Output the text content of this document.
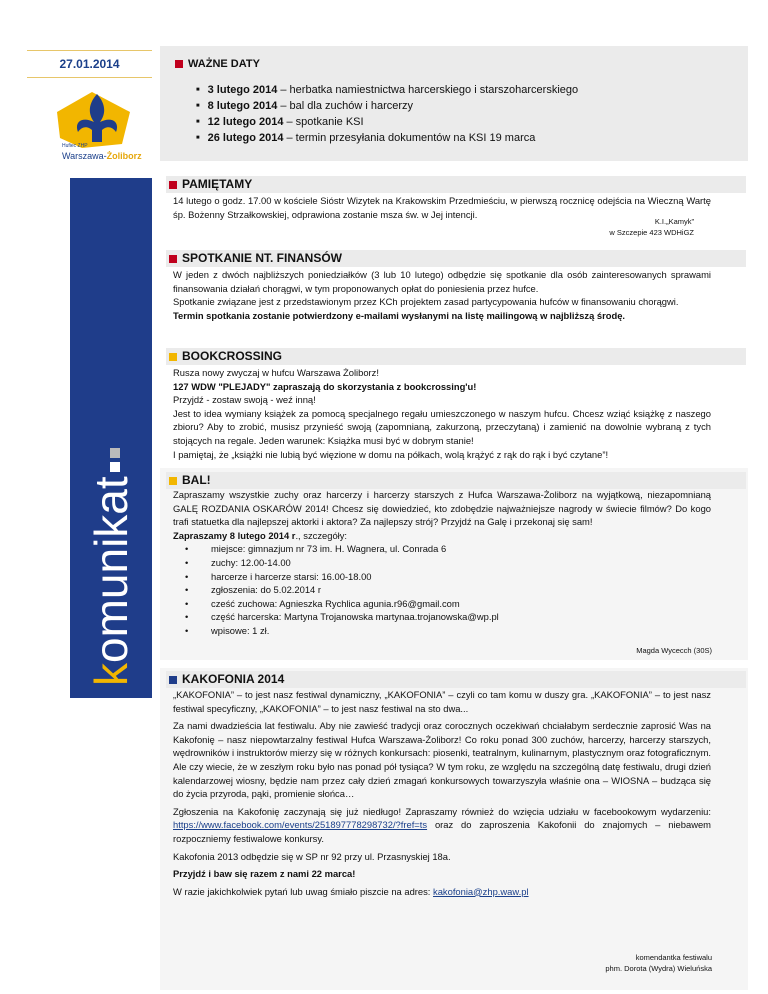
27.01.2014
Hufiec ZHP
Warszawa-Żoliborz
komunikat
WAŻNE DATY
■ 3 lutego 2014 – herbatka namiestnictwa harcerskiego i starszoharcerskiego
■ 8 lutego 2014 – bal dla zuchów i harcerzy
■ 12 lutego 2014 – spotkanie KSI
■ 26 lutego 2014 – termin przesyłania dokumentów na KSI 19 marca
PAMIĘTAMY

14 lutego o godz. 17.00 w kościele Sióstr Wizytek na Krakowskim Przedmieściu, w pierwszą rocznicę odejścia na Wieczną Wartę śp. Bożenny Strzałkowskiej, odprawiona zostanie msza św. w Jej intencji.

K.I.„Kamyk”
w Szczepie 423 WDHiGZ
SPOTKANIE NT. FINANSÓW

W jeden z dwóch najbliższych poniedziałków (3 lub 10 lutego) odbędzie się spotkanie dla osób zainteresowanych sprawami finansowania działań chorągwi, w tym proponowanych opłat do poniesienia przez hufce.

Spotkanie związane jest z przedstawionym przez KCh projektem zasad partycypowania hufców w finansowaniu chorągwi.

Termin spotkania zostanie potwierdzony e-mailami wysłanymi na listę mailingową w najbliższą środę.

BOOKCROSSING

Rusza nowy zwyczaj w hufcu Warszawa Żoliborz!

127 WDW "PLEJADY" zapraszają do skorzystania z bookcrossing'u!

Przyjdź - zostaw swoją - weź inną!

Jest to idea wymiany książek za pomocą specjalnego regału umieszczonego w naszym hufcu. Chcesz wziąć książkę z naszego zbioru? Aby to zrobić, musisz przynieść swoją (zapomnianą, zakurzoną, przeczytaną) i zamienić na dowolnie wybraną z tych stojących na regale. Jeden warunek: Książka musi być w dobrym stanie!

I pamiętaj, że „książki nie lubią być więzione w domu na półkach, wolą krążyć z rąk do rąk i być czytane”!

BAL!

Zapraszamy wszystkie zuchy oraz harcerzy i harcerzy starszych z Hufca Warszawa-Żoliborz na wyjątkową, niezapomnianą GALĘ ROZDANIA OSKARÓW 2014! Chcesz się dowiedzieć, kto zdobędzie najważniejsze nagrody w świecie filmów? Do kogo trafi statuetka dla najlepszej aktorki i aktora? Za najlepszy strój? Przyjdź na Galę i przekonaj się sam!

Zapraszamy 8 lutego 2014 r., szczegóły:

• miejsce: gimnazjum nr 73 im. H. Wagnera, ul. Conrada 6
• zuchy: 12.00-14.00
• harcerze i harcerze starsi: 16.00-18.00
• zgłoszenia: do 5.02.2014 r
• cześć zuchowa: Agnieszka Rychlica agunia.r96@gmail.com
• część harcerska: Martyna Trojanowska martynaa.trojanowska@wp.pl
• wpisowe: 1 zł.
Magda Wycecch (30S)
KAKOFONIA 2014

„KAKOFONIA” – to jest nasz festiwal dynamiczny, „KAKOFONIA” – czyli co tam komu w duszy gra. „KAKOFONIA” – to jest nasz festiwal specyficzny, „KAKOFONIA” – to jest nasz festiwal na sto dwa...

Za nami dwadzieścia lat festiwalu. Aby nie zawieść tradycji oraz corocznych oczekiwań chciałabym serdecznie zaprosić Was na Kakofonię – nasz niepowtarzalny festiwal Hufca Warszawa-Żoliborz! Co roku ponad 300 zuchów, harcerzy, harcerzy starszych, wędrowników i instruktorów mierzy się w różnych konkursach: piosenki, teatralnym, kulinarnym, plastycznym oraz fotograficznym. Ale czy wiecie, że w zeszłym roku było nas ponad pół tysiąca? W tym roku, ze względu na szczególną datę festiwalu, drugi dzień kalendarzowej wiosny, będzie nam przez cały dzień zmagań konkursowych towarzyszyła właśnie ona – WIOSNA – budząca się do życia przyroda, pąki, promienie słońca…

Zgłoszenia na Kakofonię zaczynają się już niedługo! Zapraszamy również do wzięcia udziału w facebookowym wydarzeniu: https://www.facebook.com/events/251897778298732/?fref=ts oraz do zaproszenia Kakofonii do znajomych – niebawem rozpoczniemy festiwalowe konkursy.

Kakofonia 2013 odbędzie się w SP nr 92 przy ul. Przasnyskiej 18a.

Przyjdź i baw się razem z nami 22 marca!

W razie jakichkolwiek pytań lub uwag śmiało piszcie na adres: kakofonia@zhp.waw.pl

komendantka festiwalu
phm. Dorota (Wydra) Wieluńska
